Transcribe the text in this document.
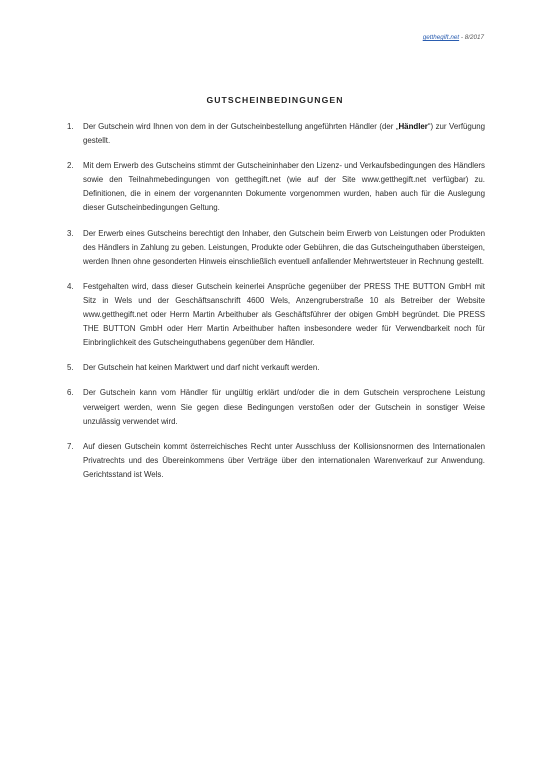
getthegift.net - 8/2017
GUTSCHEINBEDINGUNGEN
1. Der Gutschein wird Ihnen von dem in der Gutscheinbestellung angeführten Händler (der „Händler“) zur Verfügung gestellt.
2. Mit dem Erwerb des Gutscheins stimmt der Gutscheininhaber den Lizenz- und Verkaufsbedingungen des Händlers sowie den Teilnahmebedingungen von getthegift.net (wie auf der Site www.getthegift.net verfügbar) zu. Definitionen, die in einem der vorgenannten Dokumente vorgenommen wurden, haben auch für die Auslegung dieser Gutscheinbedingungen Geltung.
3. Der Erwerb eines Gutscheins berechtigt den Inhaber, den Gutschein beim Erwerb von Leistungen oder Produkten des Händlers in Zahlung zu geben. Leistungen, Produkte oder Gebühren, die das Gutscheinguthaben übersteigen, werden Ihnen ohne gesonderten Hinweis einschließlich eventuell anfallender Mehrwertsteuer in Rechnung gestellt.
4. Festgehalten wird, dass dieser Gutschein keinerlei Ansprüche gegenüber der PRESS THE BUTTON GmbH mit Sitz in Wels und der Geschäftsanschrift 4600 Wels, Anzengruberstraße 10 als Betreiber der Website www.getthegift.net oder Herrn Martin Arbeithuber als Geschäftsführer der obigen GmbH begründet. Die PRESS THE BUTTON GmbH oder Herr Martin Arbeithuber haften insbesondere weder für Verwendbarkeit noch für Einbringlichkeit des Gutscheinguthabens gegenüber dem Händler.
5. Der Gutschein hat keinen Marktwert und darf nicht verkauft werden.
6. Der Gutschein kann vom Händler für ungültig erklärt und/oder die in dem Gutschein versprochene Leistung verweigert werden, wenn Sie gegen diese Bedingungen verstoßen oder der Gutschein in sonstiger Weise unzulässig verwendet wird.
7. Auf diesen Gutschein kommt österreichisches Recht unter Ausschluss der Kollisionsnormen des Internationalen Privatrechts und des Übereinkommens über Verträge über den internationalen Warenverkauf zur Anwendung. Gerichtsstand ist Wels.
